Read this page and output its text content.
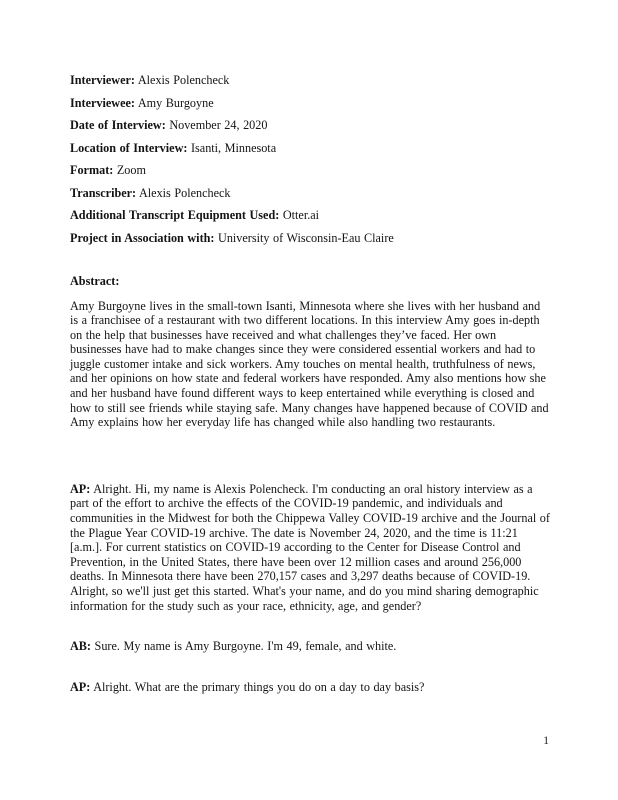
Interviewer: Alexis Polencheck

Interviewee: Amy Burgoyne

Date of Interview: November 24, 2020

Location of Interview: Isanti, Minnesota

Format: Zoom

Transcriber: Alexis Polencheck

Additional Transcript Equipment Used: Otter.ai

Project in Association with: University of Wisconsin-Eau Claire

Abstract:

Amy Burgoyne lives in the small-town Isanti, Minnesota where she lives with her husband and is a franchisee of a restaurant with two different locations. In this interview Amy goes in-depth on the help that businesses have received and what challenges they’ve faced. Her own businesses have had to make changes since they were considered essential workers and had to juggle customer intake and sick workers. Amy touches on mental health, truthfulness of news, and her opinions on how state and federal workers have responded. Amy also mentions how she and her husband have found different ways to keep entertained while everything is closed and how to still see friends while staying safe. Many changes have happened because of COVID and Amy explains how her everyday life has changed while also handling two restaurants.

AP: Alright. Hi, my name is Alexis Polencheck. I'm conducting an oral history interview as a part of the effort to archive the effects of the COVID-19 pandemic, and individuals and communities in the Midwest for both the Chippewa Valley COVID-19 archive and the Journal of the Plague Year COVID-19 archive. The date is November 24, 2020, and the time is 11:21 [a.m.]. For current statistics on COVID-19 according to the Center for Disease Control and Prevention, in the United States, there have been over 12 million cases and around 256,000 deaths. In Minnesota there have been 270,157 cases and 3,297 deaths because of COVID-19. Alright, so we'll just get this started. What's your name, and do you mind sharing demographic information for the study such as your race, ethnicity, age, and gender?

AB: Sure. My name is Amy Burgoyne. I'm 49, female, and white.

AP: Alright. What are the primary things you do on a day to day basis?

1
